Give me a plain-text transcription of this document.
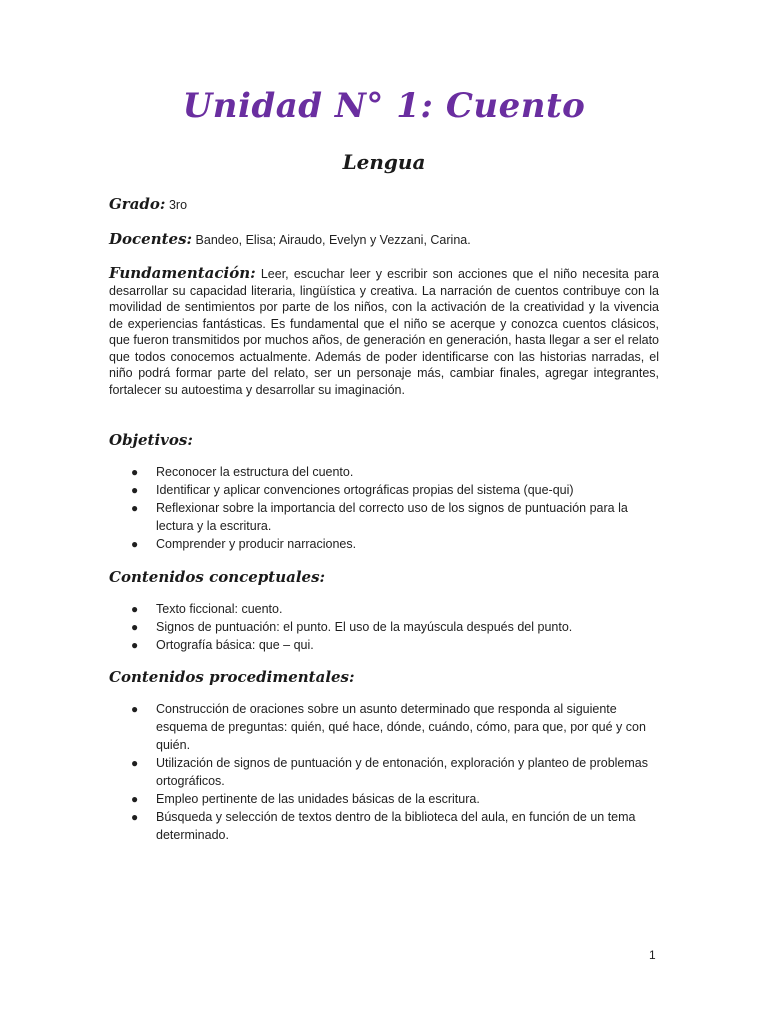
Unidad N° 1: Cuento
Lengua
Grado: 3ro
Docentes: Bandeo, Elisa; Airaudo, Evelyn y Vezzani, Carina.
Fundamentación: Leer, escuchar leer y escribir son acciones que el niño necesita para desarrollar su capacidad literaria, lingüística y creativa. La narración de cuentos contribuye con la movilidad de sentimientos por parte de los niños, con la activación de la creatividad y la vivencia de experiencias fantásticas. Es fundamental que el niño se acerque y conozca cuentos clásicos, que fueron transmitidos por muchos años, de generación en generación, hasta llegar a ser el relato que todos conocemos actualmente. Además de poder identificarse con las historias narradas, el niño podrá formar parte del relato, ser un personaje más, cambiar finales, agregar integrantes, fortalecer su autoestima y desarrollar su imaginación.
Objetivos:
● Reconocer la estructura del cuento.
● Identificar y aplicar convenciones ortográficas propias del sistema (que-qui)
● Reflexionar sobre la importancia del correcto uso de los signos de puntuación para la lectura y la escritura.
● Comprender y producir narraciones.
Contenidos conceptuales:
● Texto ficcional: cuento.
● Signos de puntuación: el punto. El uso de la mayúscula después del punto.
● Ortografía básica: que – qui.
Contenidos procedimentales:
● Construcción de oraciones sobre un asunto determinado que responda al siguiente esquema de preguntas: quién, qué hace, dónde, cuándo, cómo, para que, por qué y con quién.
● Utilización de signos de puntuación y de entonación, exploración y planteo de problemas ortográficos.
● Empleo pertinente de las unidades básicas de la escritura.
● Búsqueda y selección de textos dentro de la biblioteca del aula, en función de un tema determinado.
1
